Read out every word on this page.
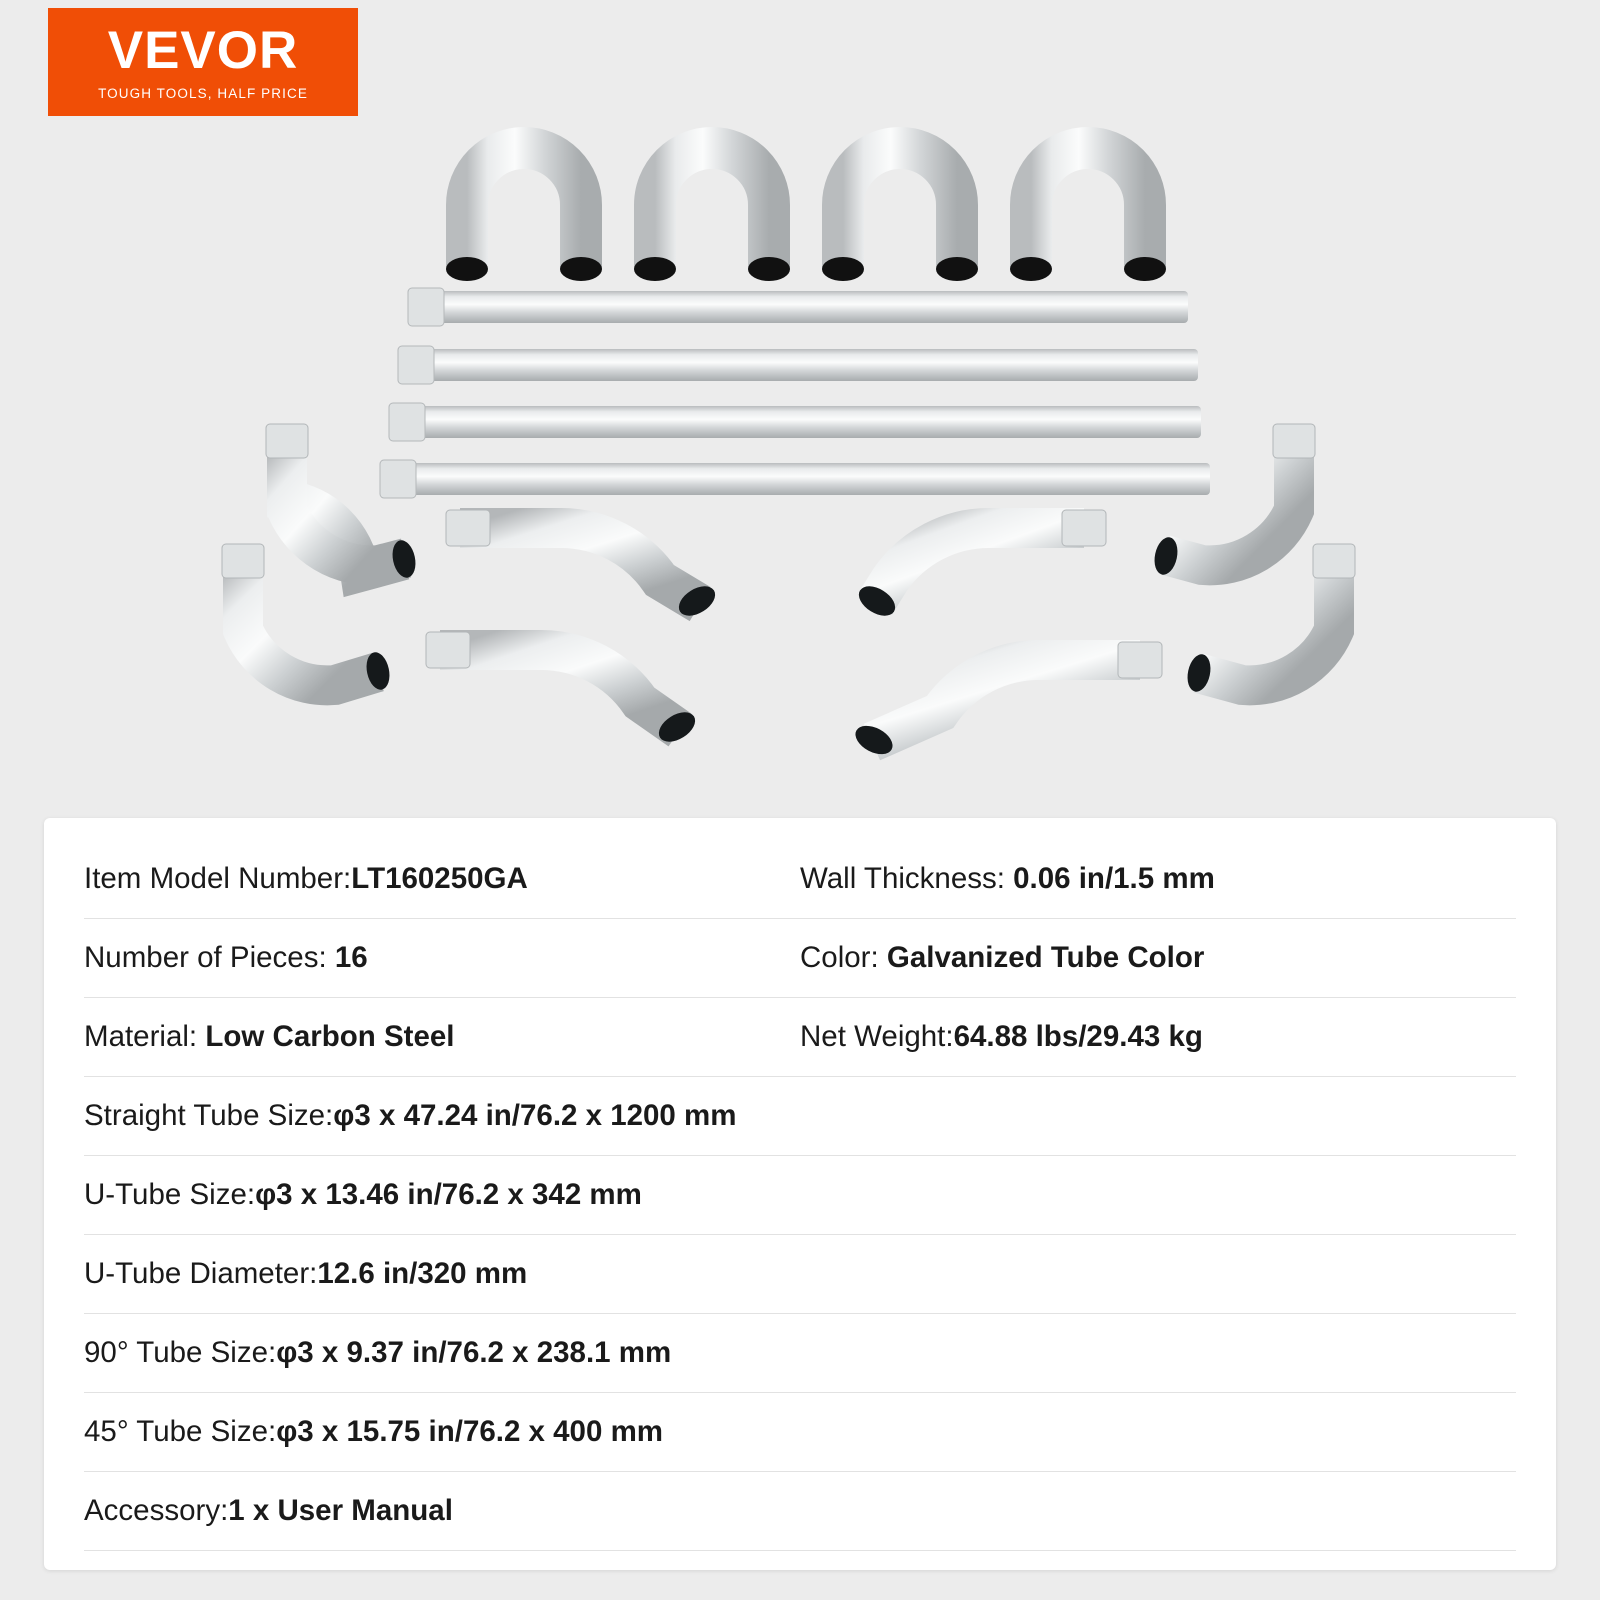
VEVOR
TOUGH TOOLS, HALF PRICE
Item Model Number:LT160250GA	Wall Thickness: 0.06 in/1.5 mm
Number of Pieces: 16	Color: Galvanized Tube Color
Material: Low Carbon Steel	Net Weight:64.88 lbs/29.43 kg
Straight Tube Size:φ3 x 47.24 in/76.2 x 1200 mm
U-Tube Size:φ3 x 13.46 in/76.2 x 342 mm
U-Tube Diameter:12.6 in/320 mm
90° Tube Size:φ3 x 9.37 in/76.2 x 238.1 mm
45° Tube Size:φ3 x 15.75 in/76.2 x 400 mm
Accessory:1 x User Manual
